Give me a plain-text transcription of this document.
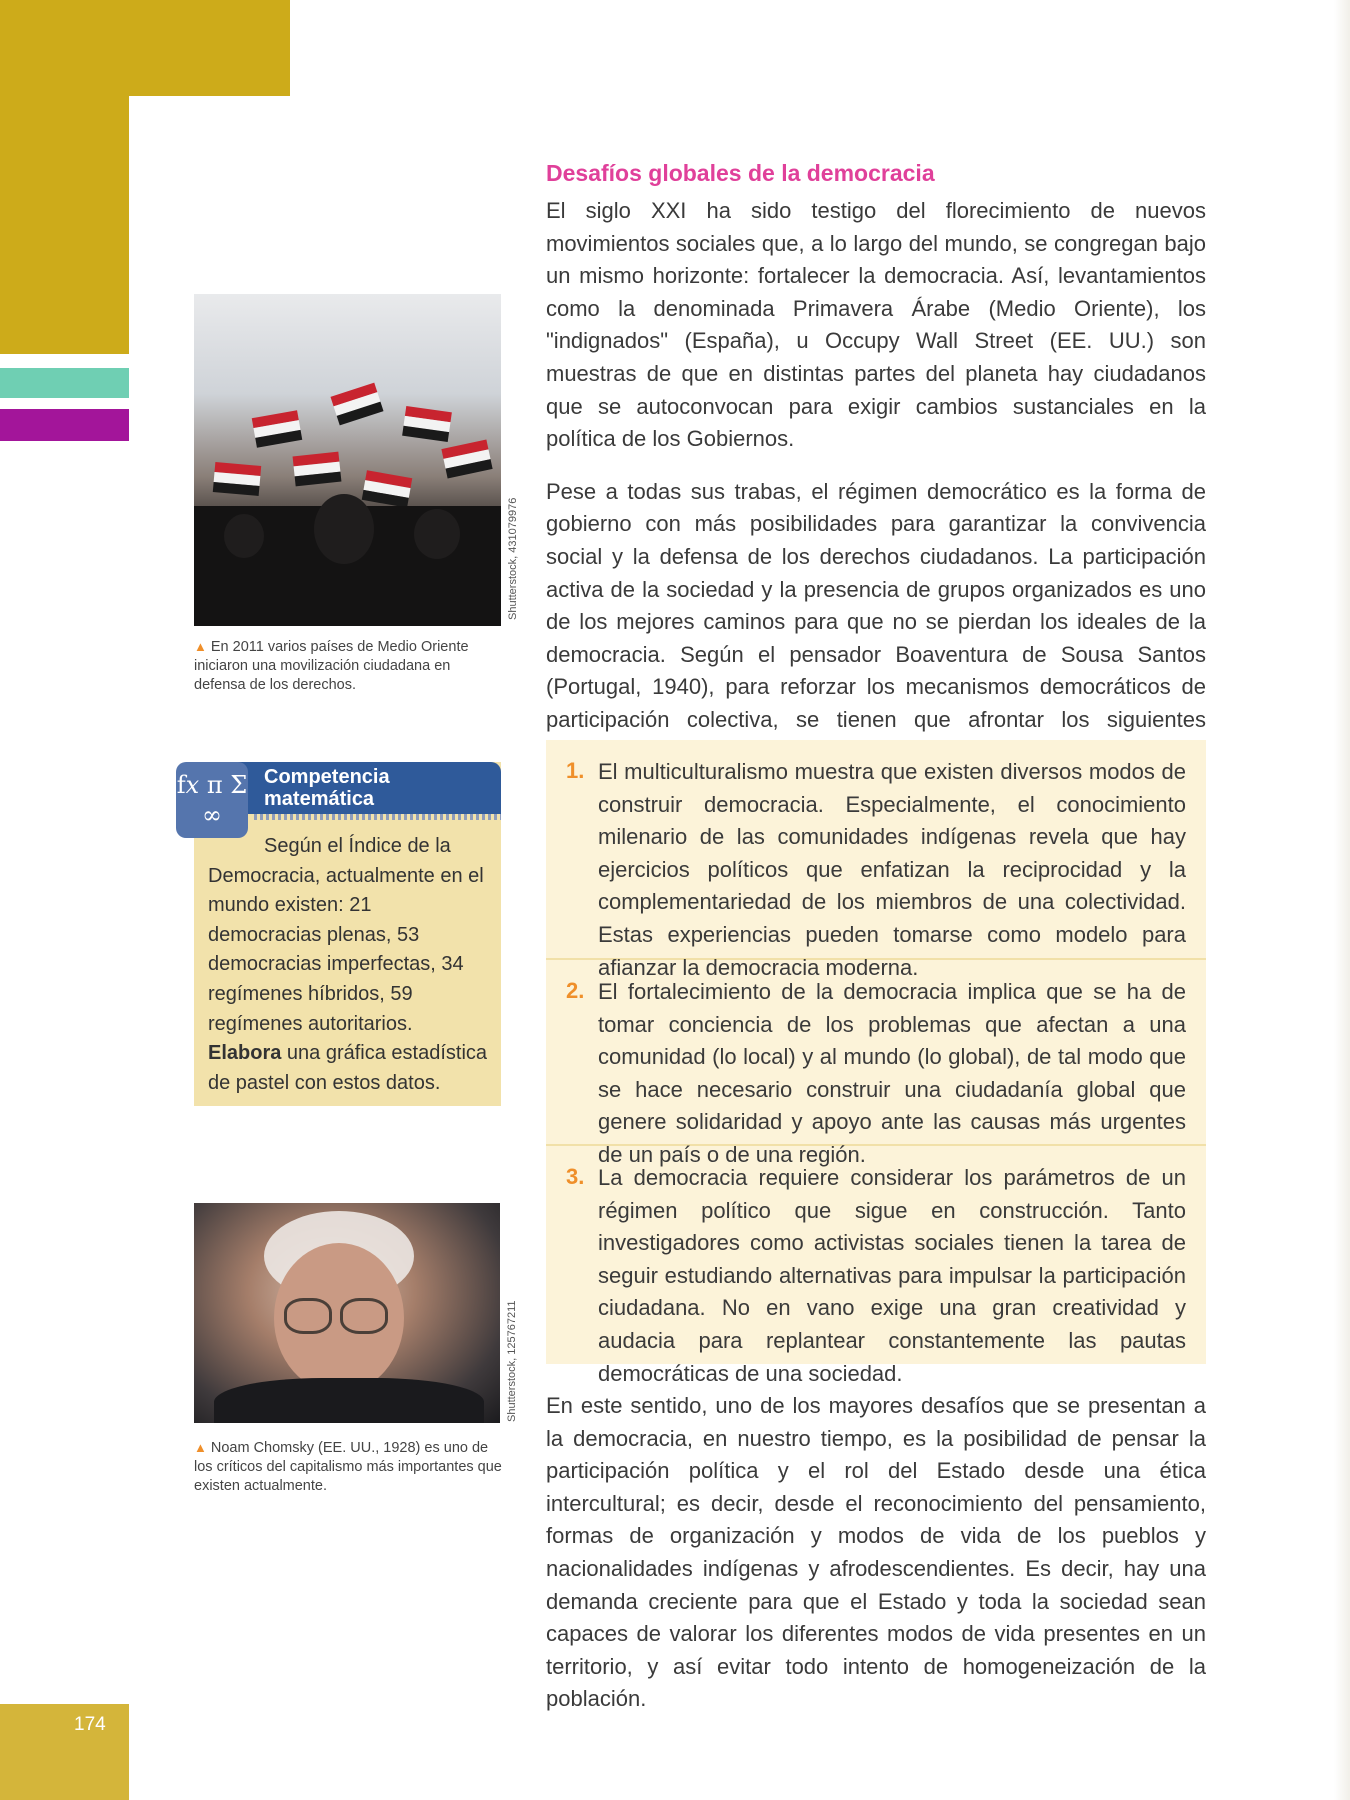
174
Desafíos globales de la democracia

El siglo XXI ha sido testigo del florecimiento de nuevos movimientos sociales que, a lo largo del mundo, se congregan bajo un mismo horizonte: fortalecer la democracia. Así, levantamientos como la denominada Primavera Árabe (Medio Oriente), los "indignados" (España), u Occupy Wall Street (EE. UU.) son muestras de que en distintas partes del planeta hay ciudadanos que se autoconvocan para exigir cambios sustanciales en la política de los Gobiernos.

Pese a todas sus trabas, el régimen democrático es la forma de gobierno con más posibilidades para garantizar la convivencia social y la defensa de los derechos ciudadanos. La participación activa de la sociedad y la presencia de grupos organizados es uno de los mejores caminos para que no se pierdan los ideales de la democracia. Según el pensador Boaventura de Sousa Santos (Portugal, 1940), para reforzar los mecanismos democráticos de participación colectiva, se tienen que afrontar los siguientes

1. El multiculturalismo muestra que existen diversos modos de construir democracia. Especialmente, el conocimiento milenario de las comunidades indígenas revela que hay ejercicios políticos que enfatizan la reciprocidad y la complementariedad de los miembros de una colectividad. Estas experiencias pueden tomarse como modelo para afianzar la democracia moderna.
2. El fortalecimiento de la democracia implica que se ha de tomar conciencia de los problemas que afectan a una comunidad (lo local) y al mundo (lo global), de tal modo que se hace necesario construir una ciudadanía global que genere solidaridad y apoyo ante las causas más urgentes de un país o de una región.
3. La democracia requiere considerar los parámetros de un régimen político que sigue en construcción. Tanto investigadores como activistas sociales tienen la tarea de seguir estudiando alternativas para impulsar la participación ciudadana. No en vano exige una gran creatividad y audacia para replantear constantemente las pautas democráticas de una sociedad.

En este sentido, uno de los mayores desafíos que se presentan a la democracia, en nuestro tiempo, es la posibilidad de pensar la participación política y el rol del Estado desde una ética intercultural; es decir, desde el reconocimiento del pensamiento, formas de organización y modos de vida de los pueblos y nacionalidades indígenas y afrodescendientes. Es decir, hay una demanda creciente para que el Estado y toda la sociedad sean capaces de valorar los diferentes modos de vida presentes en un territorio, y así evitar todo intento de homogeneización de la población.

Shutterstock, 431079976
▲ En 2011 varios países de Medio Oriente iniciaron una movilización ciudadana en defensa de los derechos.
f𝑥 π Σ ∞
Competencia
matemática
Según el Índice de la Democracia, actualmente en el mundo existen: 21 democracias plenas, 53 democracias imperfectas, 34 regímenes híbridos, 59 regímenes autoritarios.
Elabora una gráfica estadística de pastel con estos datos.
Shutterstock, 125767211
▲ Noam Chomsky (EE. UU., 1928) es uno de los críticos del capitalismo más importantes que existen actualmente.
